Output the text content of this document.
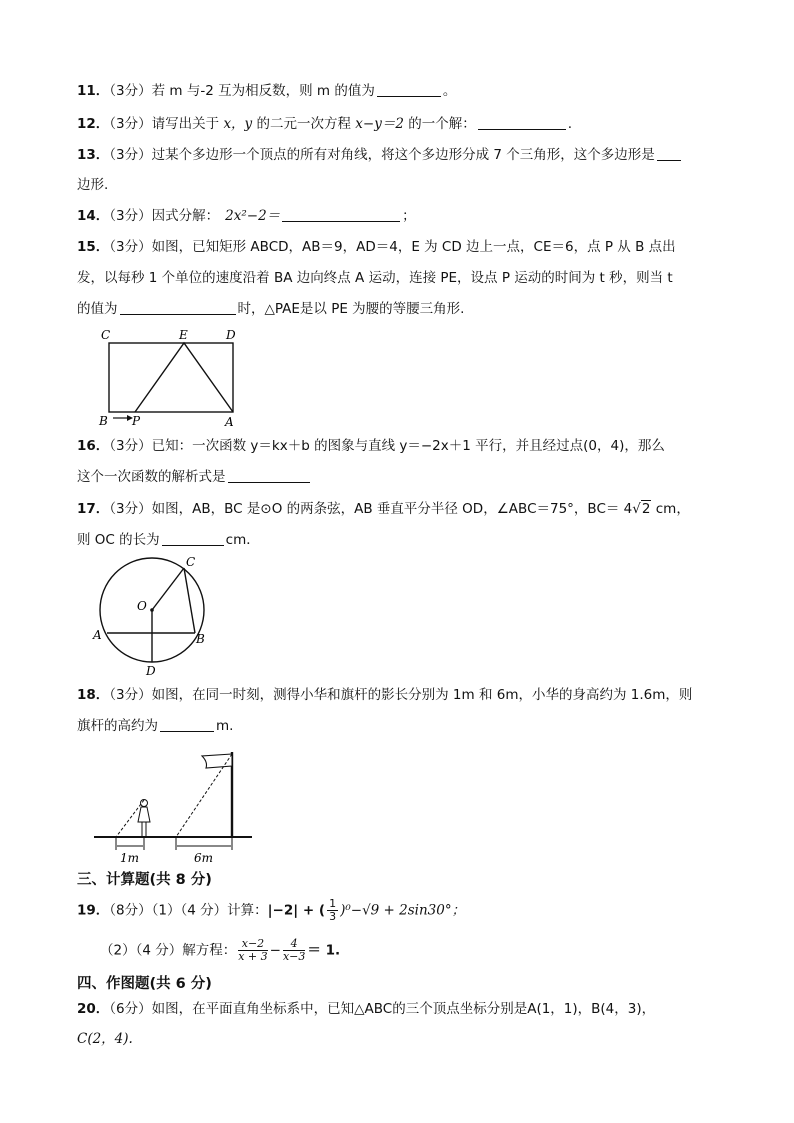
11．（3分）若 m 与-2 互为相反数，则 m 的值为	。
12．（3分）请写出关于 x，y 的二元一次方程 x−y＝2 的一个解：	.
13．（3分）过某个多边形一个顶点的所有对角线，将这个多边形分成 7 个三角形，这个多边形是
边形.
14．（3分）因式分解： 2x²−2＝	；
15．（3分）如图，已知矩形 ABCD，AB＝9，AD＝4，E 为 CD 边上一点，CE＝6，点 P 从 B 点出
发，以每秒 1 个单位的速度沿着 BA 边向终点 A 运动，连接 PE，设点 P 运动的时间为 t 秒，则当 t
的值为	时，△PAE是以 PE 为腰的等腰三角形.
C	E	D
B P	A
16．（3分）已知：一次函数 y＝kx＋b 的图象与直线 y＝−2x＋1 平行，并且经过点(0，4)，那么
这个一次函数的解析式是
17．（3分）如图，AB，BC 是⊙O 的两条弦，AB 垂直平分半径 OD，∠ABC＝75°，BC＝ 4√2 cm，
则 OC 的长为	cm．
C
O
A	B
D
18．（3分）如图，在同一时刻，测得小华和旗杆的影长分别为 1m 和 6m，小华的身高约为 1.6m，则
旗杆的高约为	m.
1m	6m
三、计算题(共 8 分)
19．（8分）（1）（4 分）计算：|−2| + ( $\frac{1}{3} )^0-√9 + 2\sin 30^\circ$；
（2）（4 分）解方程： $\frac{x-2}{x + 3} - \frac{4}{x-3} = 1$.
四、作图题(共 6 分)
20．（6分）如图，在平面直角坐标系中，已知△ABC的三个顶点坐标分别是A(1，1)，B(4，3)，
C(2，4).
